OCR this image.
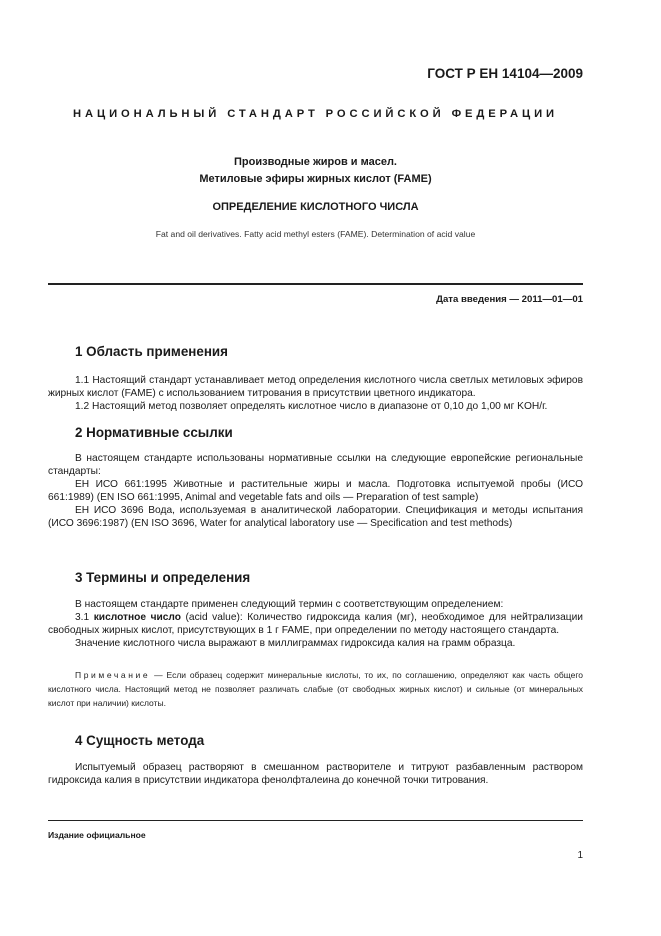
ГОСТ Р ЕН 14104—2009
НАЦИОНАЛЬНЫЙ СТАНДАРТ РОССИЙСКОЙ ФЕДЕРАЦИИ
Производные жиров и масел.
Метиловые эфиры жирных кислот (FAME)
ОПРЕДЕЛЕНИЕ КИСЛОТНОГО ЧИСЛА
Fat and oil derivatives. Fatty acid methyl esters (FAME). Determination of acid value
Дата введения — 2011—01—01
1 Область применения

1.1 Настоящий стандарт устанавливает метод определения кислотного числа светлых метиловых эфиров жирных кислот (FAME) с использованием титрования в присутствии цветного индикатора.

1.2 Настоящий метод позволяет определять кислотное число в диапазоне от 0,10 до 1,00 мг KOH/г.

2 Нормативные ссылки

В настоящем стандарте использованы нормативные ссылки на следующие европейские региональные стандарты:

ЕН ИСО 661:1995 Животные и растительные жиры и масла. Подготовка испытуемой пробы (ИСО 661:1989) (EN ISO 661:1995, Animal and vegetable fats and oils — Preparation of test sample)

ЕН ИСО 3696 Вода, используемая в аналитической лаборатории. Спецификация и методы испытания (ИСО 3696:1987) (EN ISO 3696, Water for analytical laboratory use — Specification and test methods)

3 Термины и определения

В настоящем стандарте применен следующий термин с соответствующим определением:

3.1 кислотное число (acid value): Количество гидроксида калия (мг), необходимое для нейтрализации свободных жирных кислот, присутствующих в 1 г FAME, при определении по методу настоящего стандарта.

Значение кислотного числа выражают в миллиграммах гидроксида калия на грамм образца.

Примечание — Если образец содержит минеральные кислоты, то их, по соглашению, определяют как часть общего кислотного числа. Настоящий метод не позволяет различать слабые (от свободных жирных кислот) и сильные (от минеральных кислот при наличии) кислоты.

4 Сущность метода

Испытуемый образец растворяют в смешанном растворителе и титруют разбавленным раствором гидроксида калия в присутствии индикатора фенолфталеина до конечной точки титрования.

Издание официальное
1
